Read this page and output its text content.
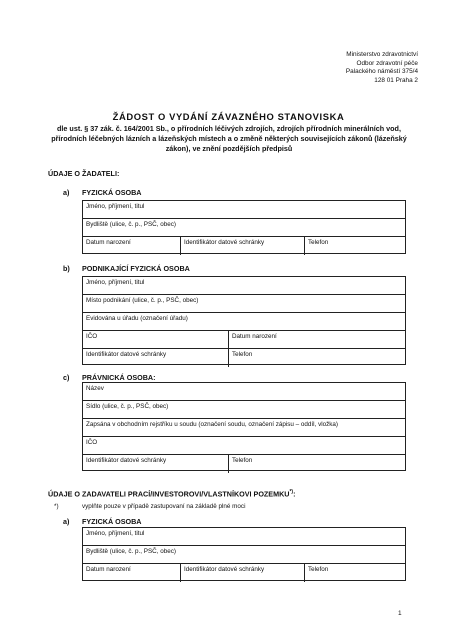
Ministerstvo zdravotnictví
Odbor zdravotní péče
Palackého náměstí 375/4
128 01 Praha 2
ŽÁDOST O VYDÁNÍ ZÁVAZNÉHO STANOVISKA
dle ust. § 37 zák. č. 164/2001 Sb., o přírodních léčivých zdrojích, zdrojích přírodních minerálních vod, přírodních léčebných lázních a lázeňských místech a o změně některých souvisejících zákonů (lázeňský zákon), ve znění pozdějších předpisů
ÚDAJE O ŽADATELI:
a) FYZICKÁ OSOBA
Jméno, příjmení, titul
Bydliště (ulice, č. p., PSČ, obec)
Datum narození	Identifikátor datové schránky	Telefon
b) PODNIKAJÍCÍ FYZICKÁ OSOBA
Jméno, příjmení, titul
Místo podnikání (ulice, č. p., PSČ, obec)
Evidována u úřadu (označení úřadu)
IČO	Datum narození
Identifikátor datové schránky	Telefon
c) PRÁVNICKÁ OSOBA:
Název
Sídlo (ulice, č. p., PSČ, obec)
Zapsána v obchodním rejstříku u soudu (označení soudu, označení zápisu – oddíl, vložka)
IČO
Identifikátor datové schránky	Telefon
ÚDAJE O ZADAVATELI PRACÍ/INVESTOROVI/VLASTNÍKOVI POZEMKU*):
*)	vyplňte pouze v případě zastupovaní na základě plné moci
a) FYZICKÁ OSOBA
Jméno, příjmení, titul
Bydliště (ulice, č. p., PSČ, obec)
Datum narození	Identifikátor datové schránky	Telefon
1
